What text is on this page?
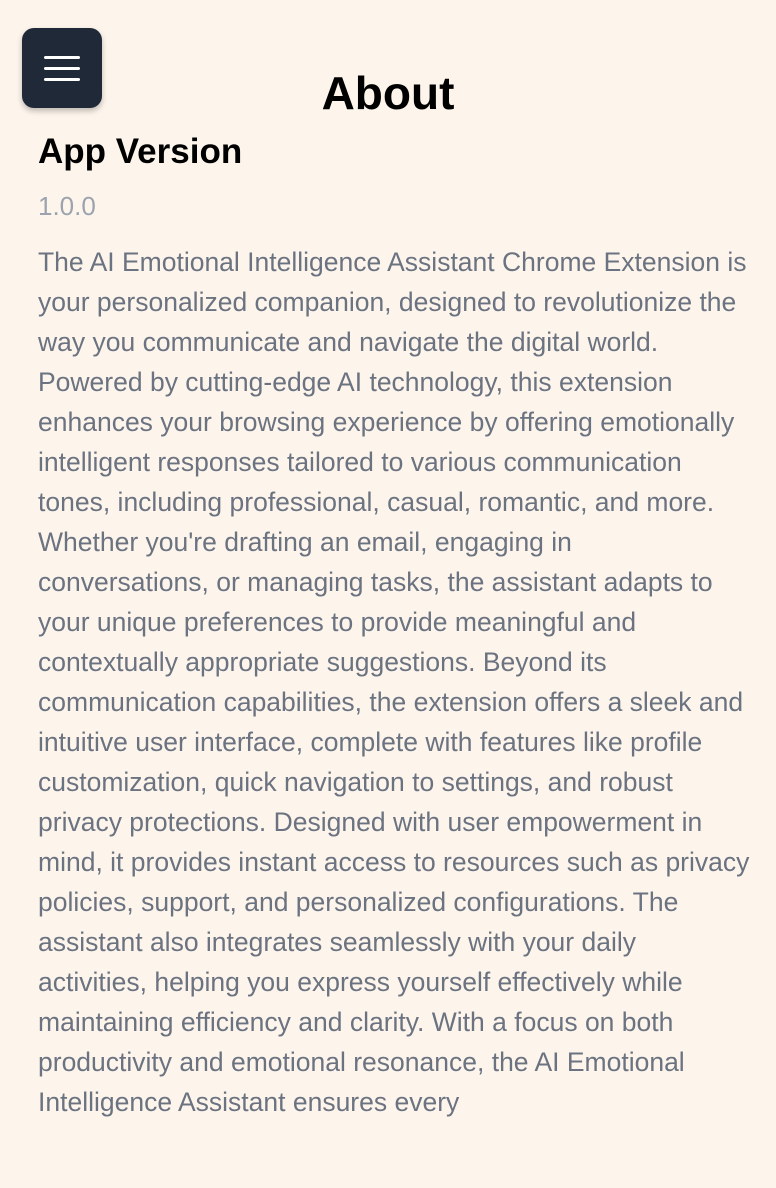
About
App Version

1.0.0

The AI Emotional Intelligence Assistant Chrome Extension is your personalized companion, designed to revolutionize the way you communicate and navigate the digital world. Powered by cutting-edge AI technology, this extension enhances your browsing experience by offering emotionally intelligent responses tailored to various communication tones, including professional, casual, romantic, and more. Whether you're drafting an email, engaging in conversations, or managing tasks, the assistant adapts to your unique preferences to provide meaningful and contextually appropriate suggestions. Beyond its communication capabilities, the extension offers a sleek and intuitive user interface, complete with features like profile customization, quick navigation to settings, and robust privacy protections. Designed with user empowerment in mind, it provides instant access to resources such as privacy policies, support, and personalized configurations. The assistant also integrates seamlessly with your daily activities, helping you express yourself effectively while maintaining efficiency and clarity. With a focus on both productivity and emotional resonance, the AI Emotional Intelligence Assistant ensures every
